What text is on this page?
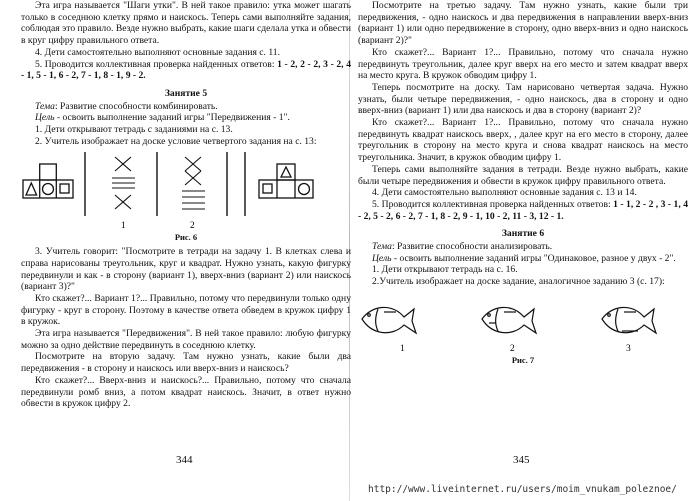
Эта игра называется "Шаги утки". В ней такое правило: утка может шагать только в соседнюю клетку прямо и наискось. Теперь сами выполняйте задания, соблюдая это правило. Везде нужно выбрать, какие шаги сделала утка и обвести в круг цифру правильного ответа.

4. Дети самостоятельно выполняют основные задания с. 11.

5. Проводится коллективная проверка найденных ответов: 1 - 2, 2 - 2, 3 - 2, 4 - 1, 5 - 1, 6 - 2, 7 - 1, 8 - 1, 9 - 2.

Занятие 5

Тема: Развитие способности комбинировать.

Цель - освоить выполнение заданий игры "Передвижения - 1".

1. Дети открывают тетрадь с заданиями на с. 13.

2. Учитель изображает на доске условие четвертого задания на с. 13:

1	2
Рис. 6

3. Учитель говорит: "Посмотрите в тетради на задачу 1. В клетках слева и справа нарисованы треугольник, круг и квадрат. Нужно узнать, какую фигурку передвинули и как - в сторону (вариант 1), вверх-вниз (вариант 2) или наискось (вариант 3)?"

Кто скажет?... Вариант 1?... Правильно, потому что передвинули только одну фигурку - круг в сторону. Поэтому в качестве ответа обведем в кружок цифру 1 в кружок.

Эта игра называется "Передвижения". В ней такое правило: любую фигурку можно за одно действие передвинуть в соседнюю клетку.

Посмотрите на вторую задачу. Там нужно узнать, какие были два передвижения - в сторону и наискось или вверх-вниз и наискось?

Кто скажет?... Вверх-вниз и наискось?... Правильно, потому что сначала передвинули ромб вниз, а потом квадрат наискось. Значит, в ответ нужно обвести в кружок цифру 2.

344

Посмотрите на третью задачу. Там нужно узнать, какие были три передвижения, - одно наискось и два передвижения в направлении вверх-вниз (вариант 1) или одно передвижение в сторону, одно вверх-вниз и одно наискось (вариант 2)?"

Кто скажет?... Вариант 1?... Правильно, потому что сначала нужно передвинуть треугольник, далее круг вверх на его место и затем квадрат вверх на место круга. В кружок обводим цифру 1.

Теперь посмотрите на доску. Там нарисовано четвертая задача. Нужно узнать, были четыре передвижения, - одно наискось, два в сторону и одно вверх-вниз (вариант 1) или два наискось и два в сторону (вариант 2)?

Кто скажет?... Вариант 1?... Правильно, потому что сначала нужно передвинуть квадрат наискось вверх, , далее круг на его место в сторону, далее треугольник в сторону на место круга и снова квадрат наискось на место треугольника. Значит, в кружок обводим цифру 1.

Теперь сами выполняйте задания в тетради. Везде нужно выбрать, какие были четыре передвижения и обвести в кружок цифру правильного ответа.

4. Дети самостоятельно выполняют основные задания с. 13 и 14.

5. Проводится коллективная проверка найденных ответов: 1 - 1, 2 - 2 , 3 - 1, 4 - 2, 5 - 2, 6 - 2, 7 - 1, 8 - 2, 9 - 1, 10 - 2, 11 - 3, 12 - 1.

Занятие 6

Тема: Развитие способности анализировать.

Цель - освоить выполнение заданий игры "Одинаковое, разное у двух - 2".

1. Дети открывают тетрадь на с. 16.

2.Учитель изображает на доске задание, аналогичное заданию 3 (с. 17):

1	2	3
Рис. 7
345
http://www.liveinternet.ru/users/moim_vnukam_poleznoe/
